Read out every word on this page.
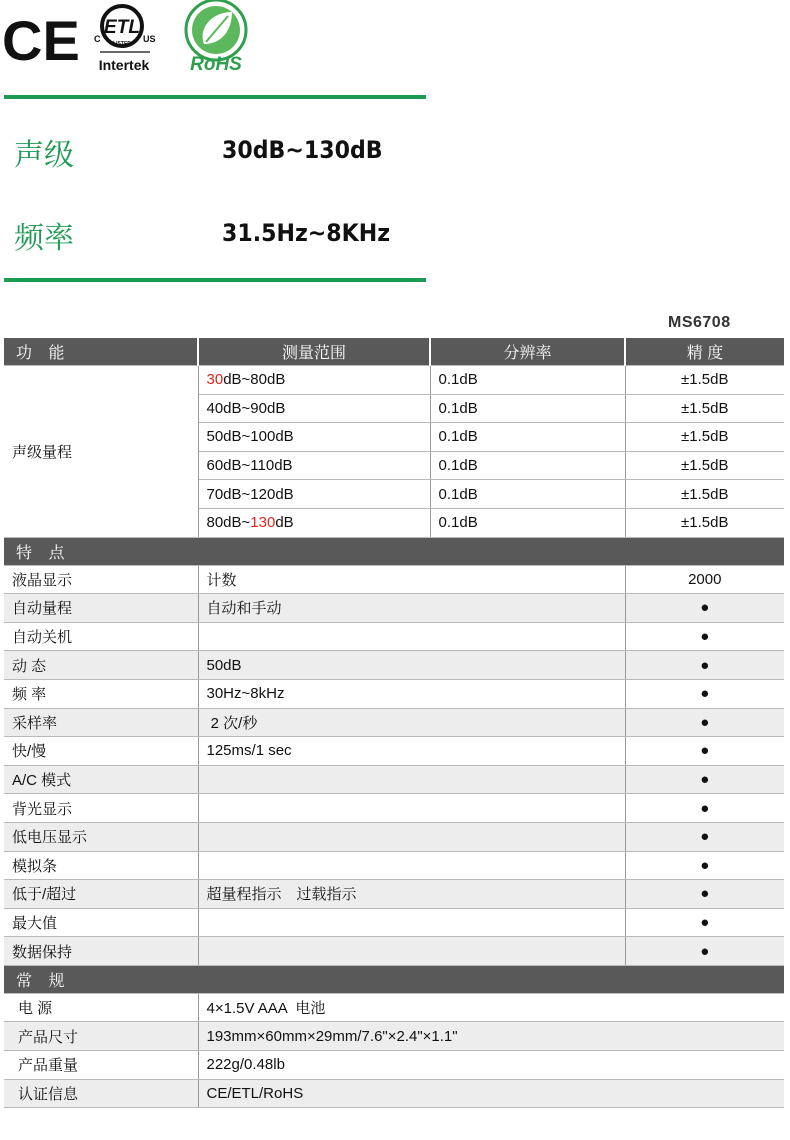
CE ETL
LISTED
C	US
Intertek RoHS
声级	30dB~130dB
频率	31.5Hz~8KHz
MS6708
功 能	测量范围	分辨率	精 度
声级量程	30dB~80dB	0.1dB	±1.5dB
	40dB~90dB	0.1dB	±1.5dB
	50dB~100dB	0.1dB	±1.5dB
	60dB~110dB	0.1dB	±1.5dB
	70dB~120dB	0.1dB	±1.5dB
	80dB~130dB	0.1dB	±1.5dB
特 点			
液晶显示	计数		2000
自动量程	自动和手动		●
自动关机			●
动 态	50dB		●
频 率	30Hz~8kHz		●
采样率	2 次/秒		●
快/慢	125ms/1 sec		●
A/C 模式			●
背光显示			●
低电压显示			●
模拟条			●
低于/超过	超量程指示　过载指示		●
最大值			●
数据保持			●
常 规			
电 源	4×1.5V AAA  电池		
产品尺寸	193mm×60mm×29mm/7.6"×2.4"×1.1"		
产品重量	222g/0.48lb		
认证信息	CE/ETL/RoHS		
